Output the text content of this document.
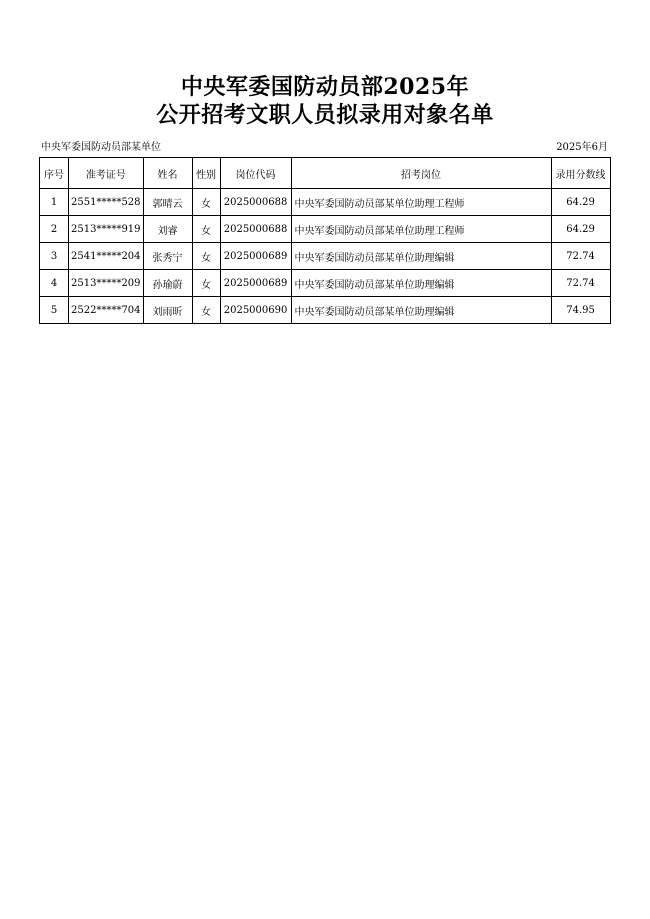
中央军委国防动员部2025年
公开招考文职人员拟录用对象名单
中央军委国防动员部某单位	2025年6月
序号	准考证号	姓名	性别	岗位代码	招考岗位	录用分数线
1	2551*****528	郭晴云	女	2025000688	中央军委国防动员部某单位助理工程师	64.29
2	2513*****919	刘睿	女	2025000688	中央军委国防动员部某单位助理工程师	64.29
3	2541*****204	张秀宁	女	2025000689	中央军委国防动员部某单位助理编辑	72.74
4	2513*****209	孙瑜蔚	女	2025000689	中央军委国防动员部某单位助理编辑	72.74
5	2522*****704	刘雨昕	女	2025000690	中央军委国防动员部某单位助理编辑	74.95
